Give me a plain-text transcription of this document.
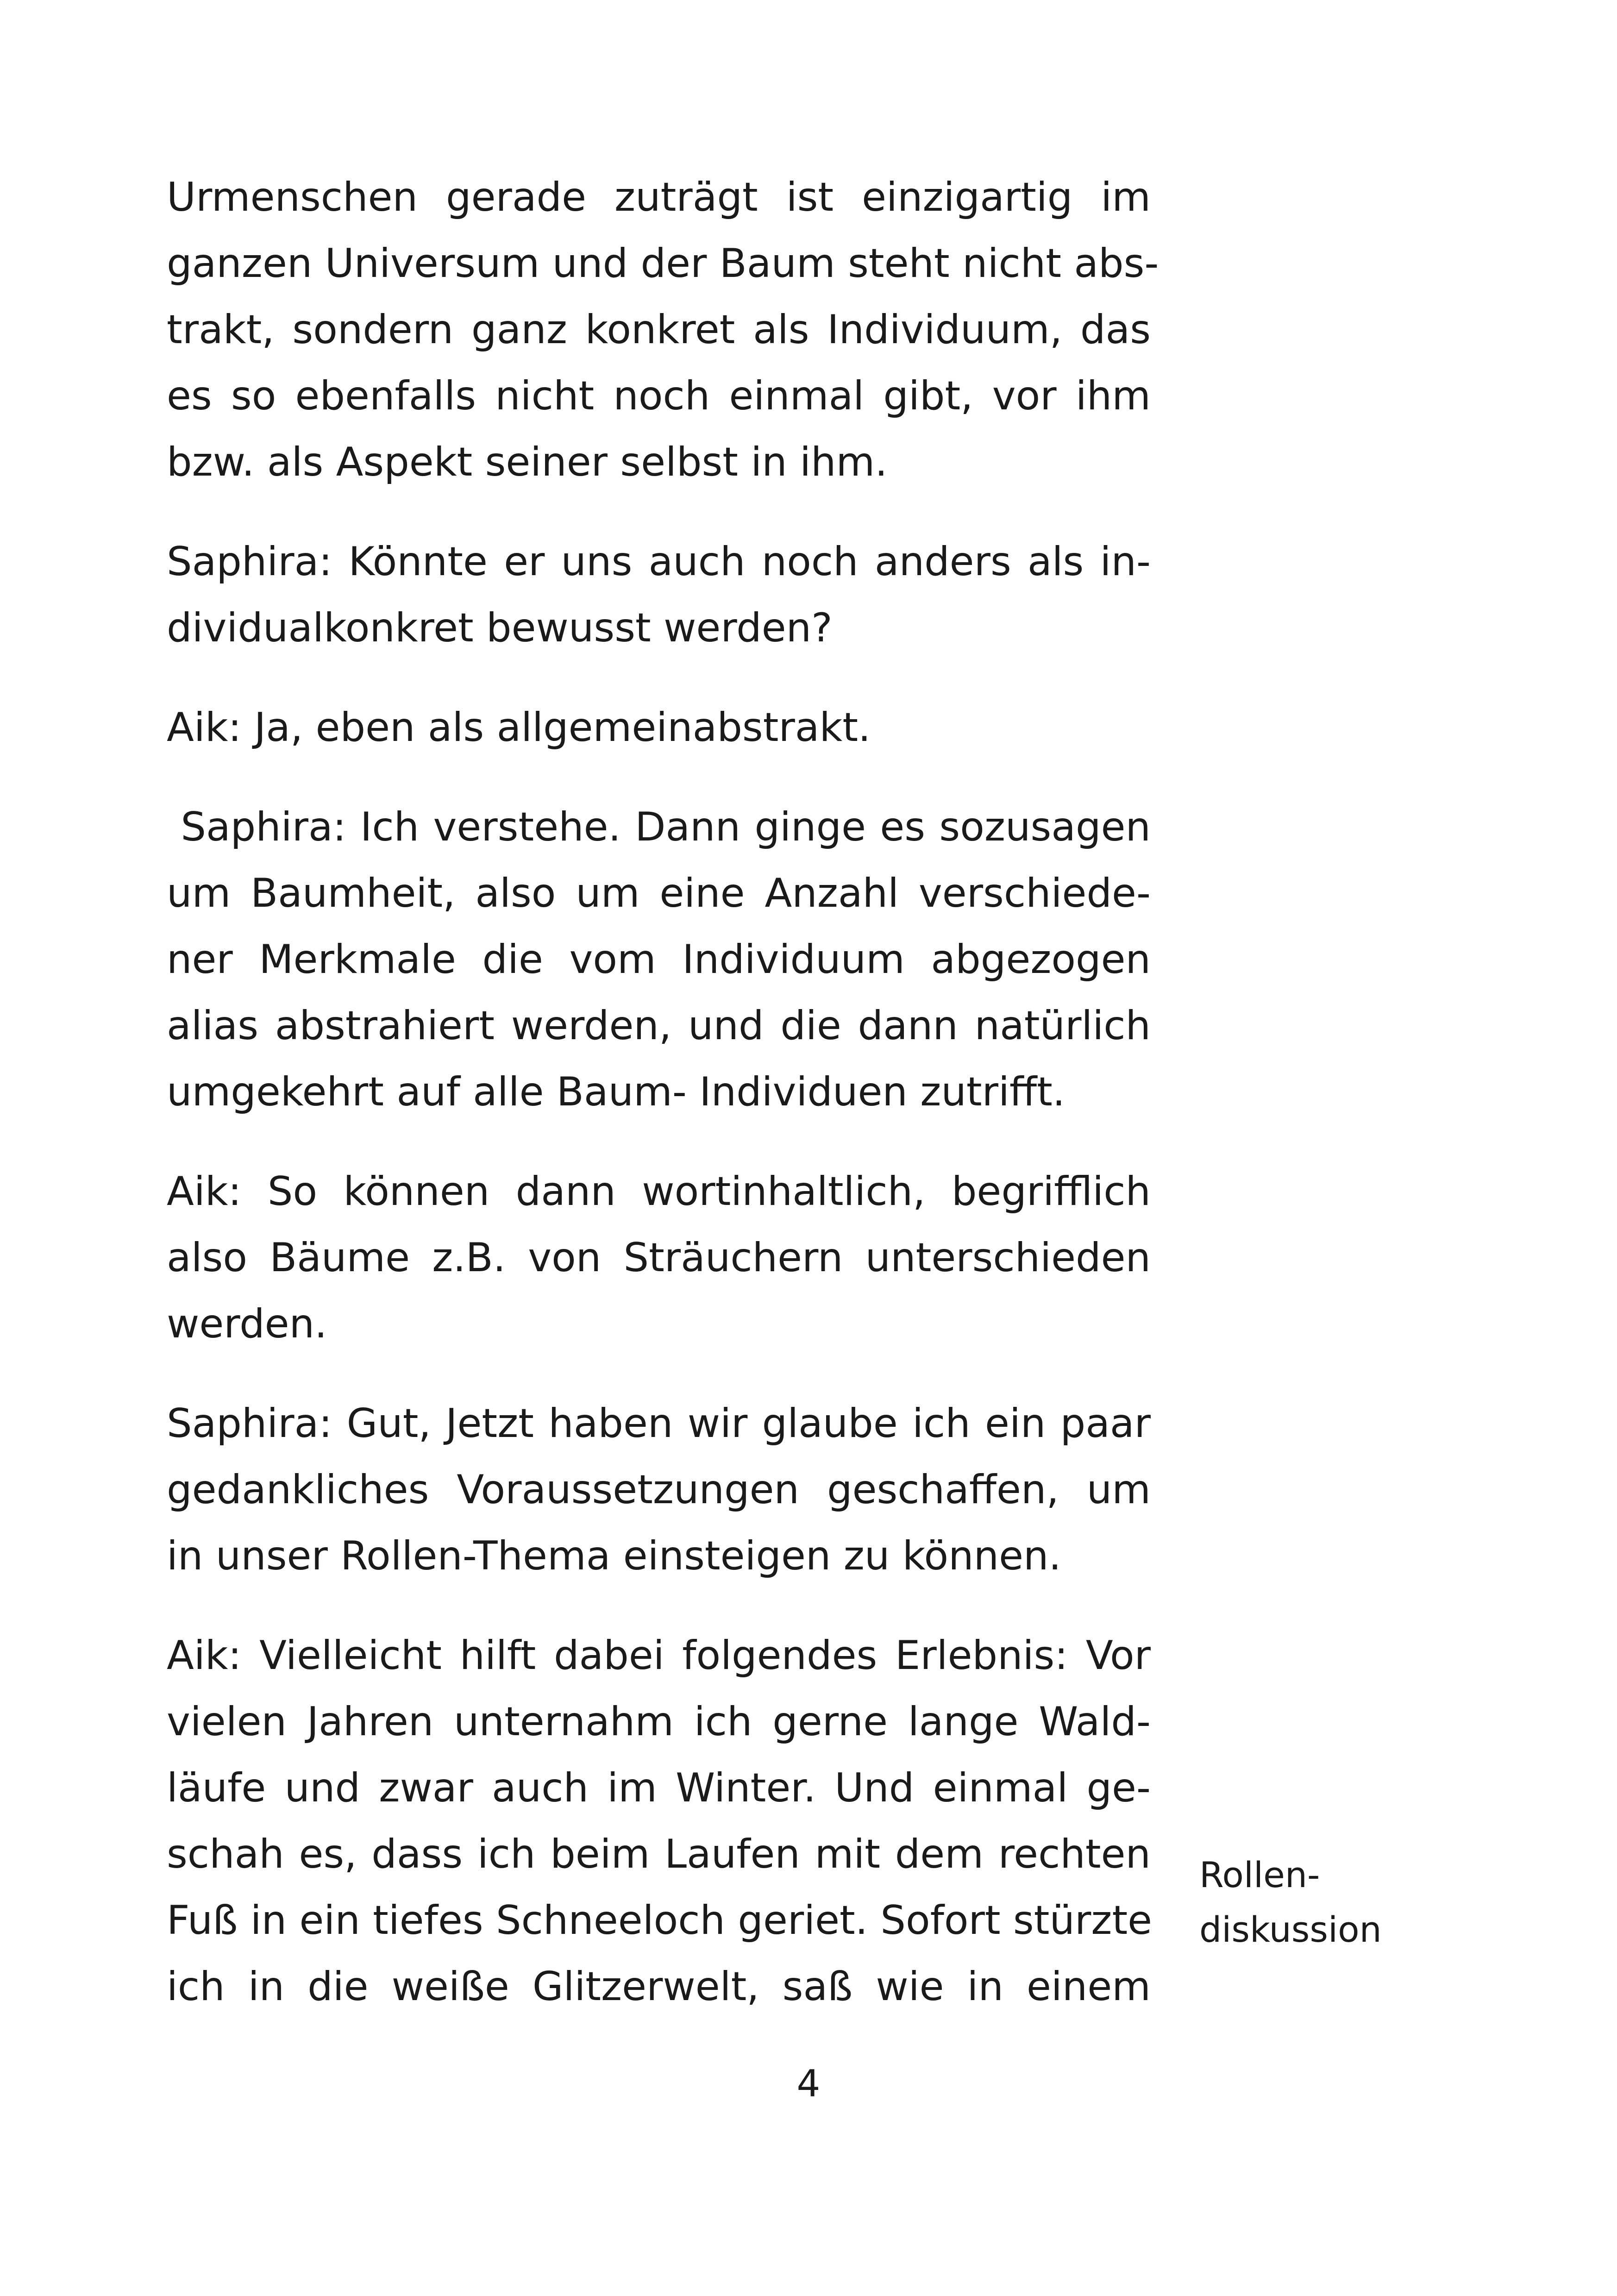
Urmenschen gerade zuträgt ist einzigartig im
ganzen Universum und der Baum steht nicht abs-
trakt, sondern ganz konkret als Individuum, das
es so ebenfalls nicht noch einmal gibt, vor ihm
bzw. als Aspekt seiner selbst in ihm.
Saphira: Könnte er uns auch noch anders als in-
dividualkonkret bewusst werden?
Aik: Ja, eben als allgemeinabstrakt.
Saphira: Ich verstehe. Dann ginge es sozusagen
um Baumheit, also um eine Anzahl verschiede-
ner Merkmale die vom Individuum abgezogen
alias abstrahiert werden, und die dann natürlich
umgekehrt auf alle Baum- Individuen zutrifft.
Aik: So können dann wortinhaltlich, begrifflich
also Bäume z.B. von Sträuchern unterschieden
werden.
Saphira: Gut, Jetzt haben wir glaube ich ein paar
gedankliches Voraussetzungen geschaffen, um
in unser Rollen-Thema einsteigen zu können.
Aik: Vielleicht hilft dabei folgendes Erlebnis: Vor
vielen Jahren unternahm ich gerne lange Wald-
läufe und zwar auch im Winter. Und einmal ge-
schah es, dass ich beim Laufen mit dem rechten
Fuß in ein tiefes Schneeloch geriet. Sofort stürzte
ich in die weiße Glitzerwelt, saß wie in einem
Rollen-
diskussion
4
